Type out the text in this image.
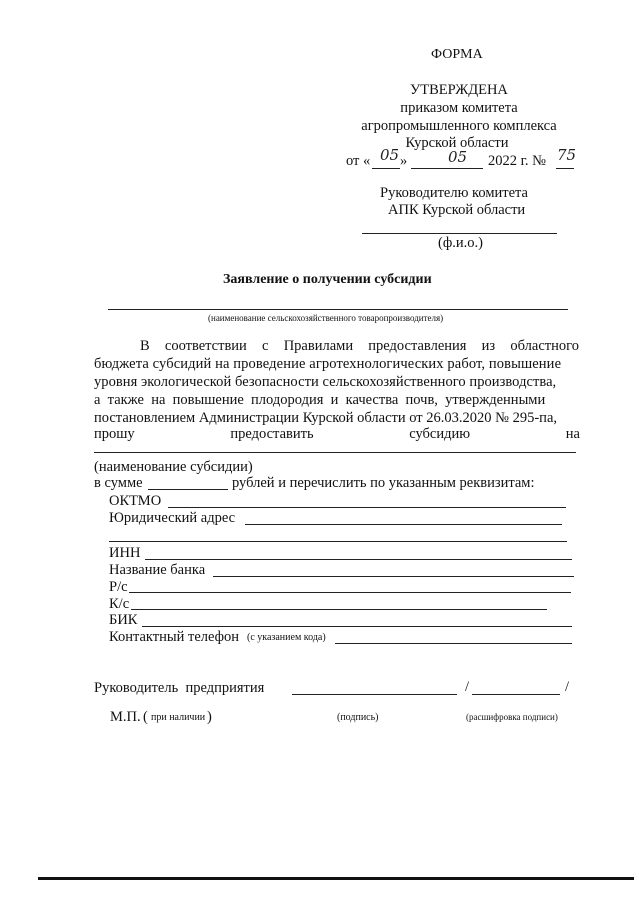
ФОРМА
УТВЕРЖДЕНА
приказом комитета
агропромышленного комплекса
Курской области
от « 05 »	05 2022 г. № 75
Руководителю комитета
АПК Курской области
(ф.и.о.)
Заявление о получении субсидии
(наименование сельскохозяйственного товаропроизводителя)
В соответствии с Правилами предоставления из областного
бюджета субсидий на проведение агротехнологических работ, повышение
уровня экологической безопасности сельскохозяйственного производства,
а  также  на  повышение  плодородия  и  качества  почв,  утвержденными
постановлением Администрации Курской области от 26.03.2020 № 295-па,
прошу	предоставить	субсидию	на
(наименование субсидии)
в сумме	рублей и перечислить по указанным реквизитам:
ОКТМО
Юридический адрес
ИНН
Название банка
Р/с
К/с
БИК
Контактный телефон (с указанием кода)
Руководитель  предприятия	/	/
М.П. ( при наличии )	(подпись)	(расшифровка подписи)
